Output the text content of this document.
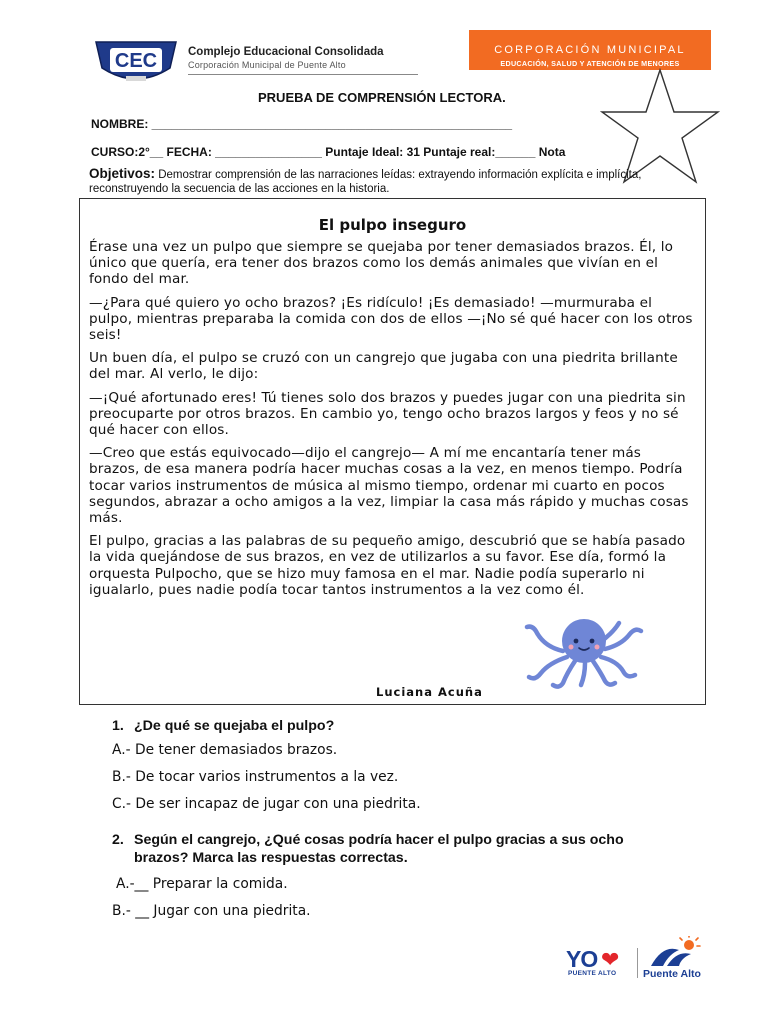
CEC	Complejo Educacional Consolidada
Corporación Municipal de Puente Alto
CORPORACIÓN MUNICIPAL
EDUCACIÓN, SALUD Y ATENCIÓN DE MENORES
PRUEBA DE COMPRENSIÓN LECTORA.
NOMBRE: ______________________________________________________
CURSO:2°__ FECHA: ________________ Puntaje Ideal: 31 Puntaje real:______ Nota
Objetivos: Demostrar comprensión de las narraciones leídas: extrayendo información explícita e implícita, reconstruyendo la secuencia de las acciones en la historia.
El pulpo inseguro

Érase una vez un pulpo que siempre se quejaba por tener demasiados brazos. Él, lo único que quería, era tener dos brazos como los demás animales que vivían en el fondo del mar.

—¿Para qué quiero yo ocho brazos? ¡Es ridículo! ¡Es demasiado! —murmuraba el pulpo, mientras preparaba la comida con dos de ellos —¡No sé qué hacer con los otros seis!

Un buen día, el pulpo se cruzó con un cangrejo que jugaba con una piedrita brillante del mar. Al verlo, le dijo:

—¡Qué afortunado eres! Tú tienes solo dos brazos y puedes jugar con una piedrita sin preocuparte por otros brazos. En cambio yo, tengo ocho brazos largos y feos y no sé qué hacer con ellos.

—Creo que estás equivocado—dijo el cangrejo— A mí me encantaría tener más brazos, de esa manera podría hacer muchas cosas a la vez, en menos tiempo. Podría tocar varios instrumentos de música al mismo tiempo, ordenar mi cuarto en pocos segundos, abrazar a ocho amigos a la vez, limpiar la casa más rápido y muchas cosas más.

El pulpo, gracias a las palabras de su pequeño amigo, descubrió que se había pasado la vida quejándose de sus brazos, en vez de utilizarlos a su favor. Ese día, formó la orquesta Pulpocho, que se hizo muy famosa en el mar. Nadie podía superarlo ni igualarlo, pues nadie podía tocar tantos instrumentos a la vez como él.

Luciana Acuña
1. ¿De qué se quejaba el pulpo?
A.- De tener demasiados brazos.
B.- De tocar varios instrumentos a la vez.
C.- De ser incapaz de jugar con una piedrita.
2. Según el cangrejo, ¿Qué cosas podría hacer el pulpo gracias a sus ocho
brazos? Marca las respuestas correctas.
A.-__ Preparar la comida.
B.- __ Jugar con una piedrita.
YO ❤
PUENTE ALTO	Puente Alto
